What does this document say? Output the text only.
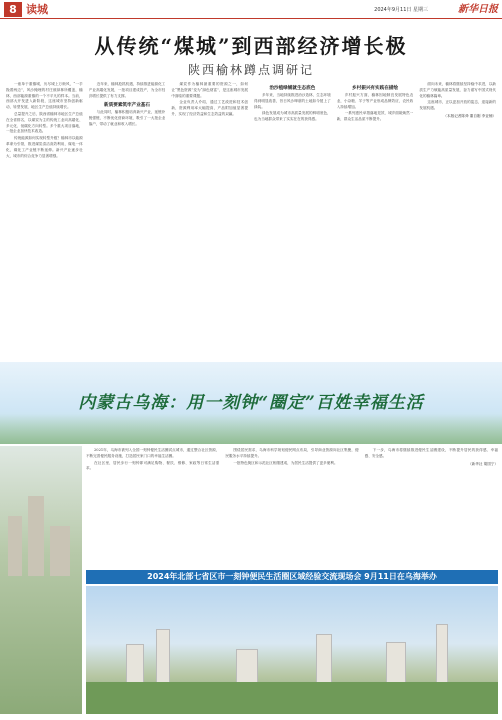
8 读城	2024年9月11日 星期三	新华日报
从传统“煤城”到西部经济增长极
陕西榆林蹲点调研记

一座单于重镇城，历尽城上万般风，“一手挽着两边”，风沙掩埋的村庄被绿林所覆盖，榆林，西部能源重镇的一个不平凡的样本。当前，西部大开发进入新阶段，这座城市坚持创新驱动，转型发展，地区生产总值持续增长。

总量提升之后，陕西省榆林市地区生产总值在全省排名，以煤炭为主的传统工业向高端化、多元化、低碳化方向转型。多个重大项目落地，一批企业加快技术改造。

传统能源如何实现转型升级？榆林市以能源革命为引领，推进煤炭清洁高效利用，煤电一体化，煤化工产业链不断延伸。新兴产业逐步壮大，城市的综合竞争力显著增强。

近年来，榆林抢抓机遇，持续推进能源化工产业高端化发展，一批项目建成投产，为全市经济增长提供了有力支撑。

新质要素筑牢产业基石

与此同时，榆林积极培育新兴产业，延链补链强链，不断优化营商环境，吸引了一大批企业落户，带动了就业和收入增长。

煤炭作为榆林最重要的资源之一，如何让“黑色资源”变为“绿色财富”，是这座城市发展中面临的重要课题。

企业负责人介绍，通过工艺改进和技术创新，资源利用率大幅提高，产品附加值显著提升，实现了经济效益和生态效益的双赢。

治沙植绿铺就生态底色

多年来，当地持续推进治沙造林，生态环境得到明显改善，昔日风沙肆虐的土地如今披上了绿装。

绿色发展成为城市高质量发展的鲜明底色，也为当地群众带来了实实在在的获得感。

乡村振兴有实践在描绘

乡村振兴方面，榆林因地制宜发展特色农业，小杂粮、羊子等产业形成品牌效应，农民收入持续增加。

一系列惠民举措落地见效，城乡面貌焕然一新，群众生活品质不断提升。

面向未来，榆林将继续坚持稳中求进，以新质生产力赋能高质量发展，奋力谱写中国式现代化的榆林篇章。

这座城市，正以更加开放的姿态，迎接新的发展机遇。

（本版记者陈舜 董自刚 李亚楠）
内蒙古乌海：用一刻钟“圈定”百姓幸福生活

2021年，乌海市被列入全国一刻钟便民生活圈试点城市，通过整合社区资源，不断完善便民服务设施，打造居民家门口的幸福生活圈。

在社区里，居民步行一刻钟即可满足购物、餐饮、维修、家政等日常生活需求。

围绕居民需求，乌海市科学规划便民网点布局，引导商业资源向社区集聚，便民服务水平持续提升。

一批特色街区和示范社区相继建成，为居民生活提供了更多便利。

下一步，乌海市将继续推进便民生活圈建设，不断提升居民的获得感、幸福感、安全感。

（新华社 胡国宁）
2024年北部七省区市一刻钟便民生活圈区域经验交流现场会 9月11日在乌海举办
